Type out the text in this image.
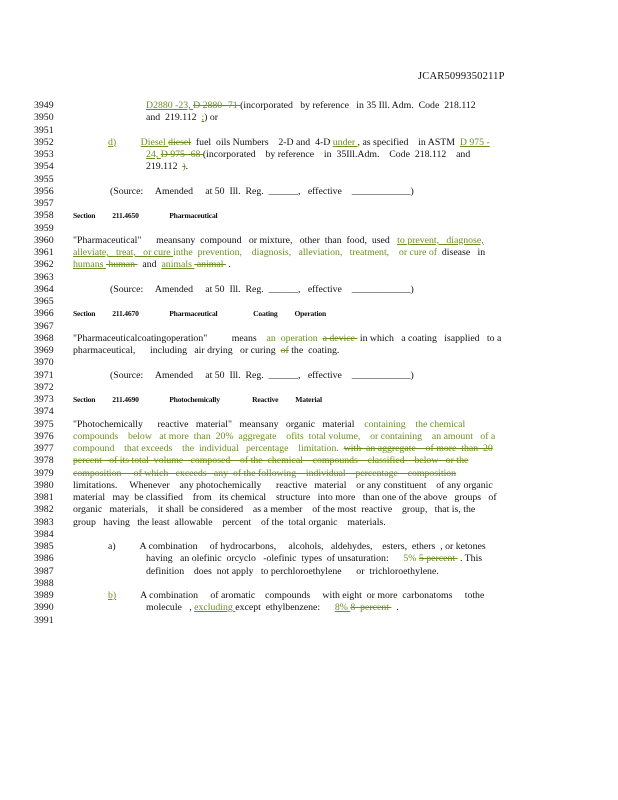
JCAR5099350211P
3949	D2880 -23, D 2880- 71 (incorporated   by reference   in 35 Ill. Adm.  Code  218.112
3950	and  219.112  ;) or
3951
3952	d)	Diesel diesel  fuel  oils Numbers    2-D and  4-D under , as specified    in ASTM  D 975 -
3953	24, D 975- 68 (incorporated    by reference    in  35Ill.Adm.    Code  218.112    and
3954	219.112  ).
3955
3956	(Source:     Amended     at 50  Ill.  Reg.  ______,   effective    ____________)
3957
3958	Section          211.4650                  Pharmaceutical
3959
3960	"Pharmaceutical"      meansany  compound   or mixture,   other  than  food,  used   to prevent,   diagnose,
3961	alleviate,   treat,   or cure inthe  prevention,    diagnosis,   alleviation,   treatment,    or cure of  disease   in
3962	humans  human   and  animals  animal  .
3963
3964	(Source:     Amended     at 50  Ill.  Reg.  ______,   effective    ____________)
3965
3966	Section          211.4670                  Pharmaceutical                     Coating          Operation
3967
3968	"Pharmaceuticalcoatingoperation"          means    an  operation  a device  in which   a coating   isapplied   to a
3969	pharmaceutical,      including   air drying   or curing  of the  coating.
3970
3971	(Source:     Amended     at 50  Ill.  Reg.  ______,   effective    ____________)
3972
3973	Section          211.4690                  Photochemically                   Reactive          Material
3974
3975	"Photochemically      reactive   material"   meansany   organic   material    containing    the chemical
3976	compounds    below   at more  than  20%  aggregate    ofits  total volume,    or containing    an amount   of a
3977	compound    that exceeds    the  individual   percentage    limitation.  with  an aggregate    of more  than  20
3978	percent   of its total  volume   composed    of the  chemical    compounds    classified    below   or the
3979	composition     of which   exceeds   any  of the following    individual    percentage    composition
3980	limitations.     Whenever    any photochemically      reactive   material    or any constituent    of any organic
3981	material   may  be classified    from   its chemical    structure   into more   than one of the above   groups   of
3982	organic   materials,    it shall  be considered    as a member    of the most  reactive    group,   that is, the
3983	group   having   the least  allowable    percent    of the  total organic    materials.
3984
3985	a)          A combination     of hydrocarbons,     alcohols,   aldehydes,    esters,  ethers  , or ketones
3986	having   an olefinic  orcyclo   -olefinic  types  of unsaturation:      5% 5 percent  . This
3987	definition    does  not apply   to perchloroethylene      or  trichloroethylene.
3988
3989	b)          A combination     of aromatic    compounds     with eight  or more  carbonatoms     tothe
3990	molecule   , excluding except  ethylbenzene:      8% 8  percent   .
3991
